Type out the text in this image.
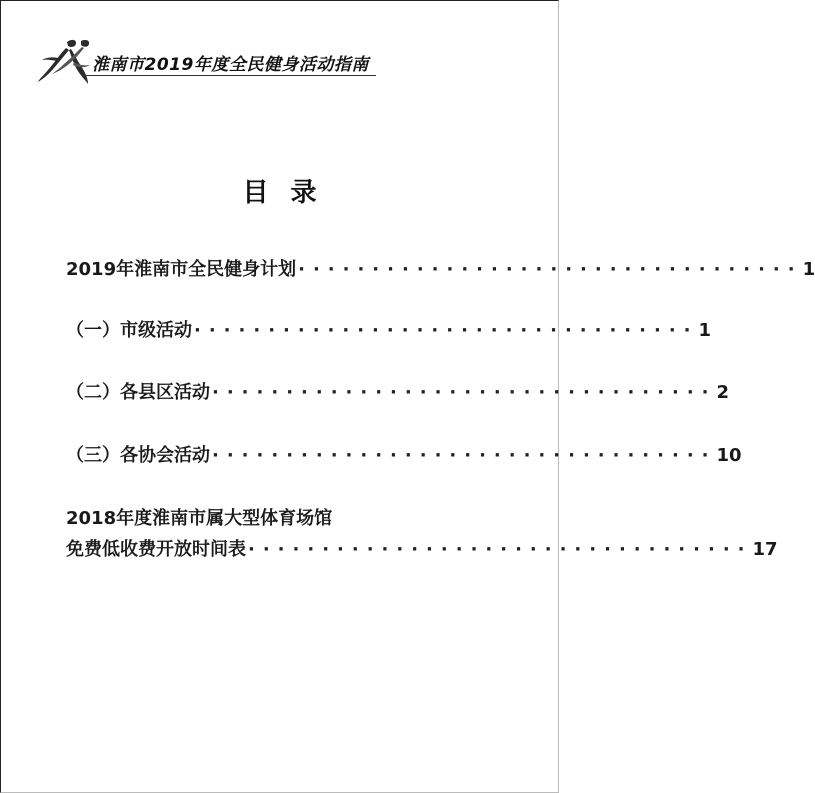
淮南市2019年度全民健身活动指南
目录
2019年淮南市全民健身计划 ·································· 1
（一）市级活动 ·································· 1
（二）各县区活动 ·································· 2
（三）各协会活动 ·································· 10
2018年度淮南市属大型体育场馆
免费低收费开放时间表 ·································· 17
